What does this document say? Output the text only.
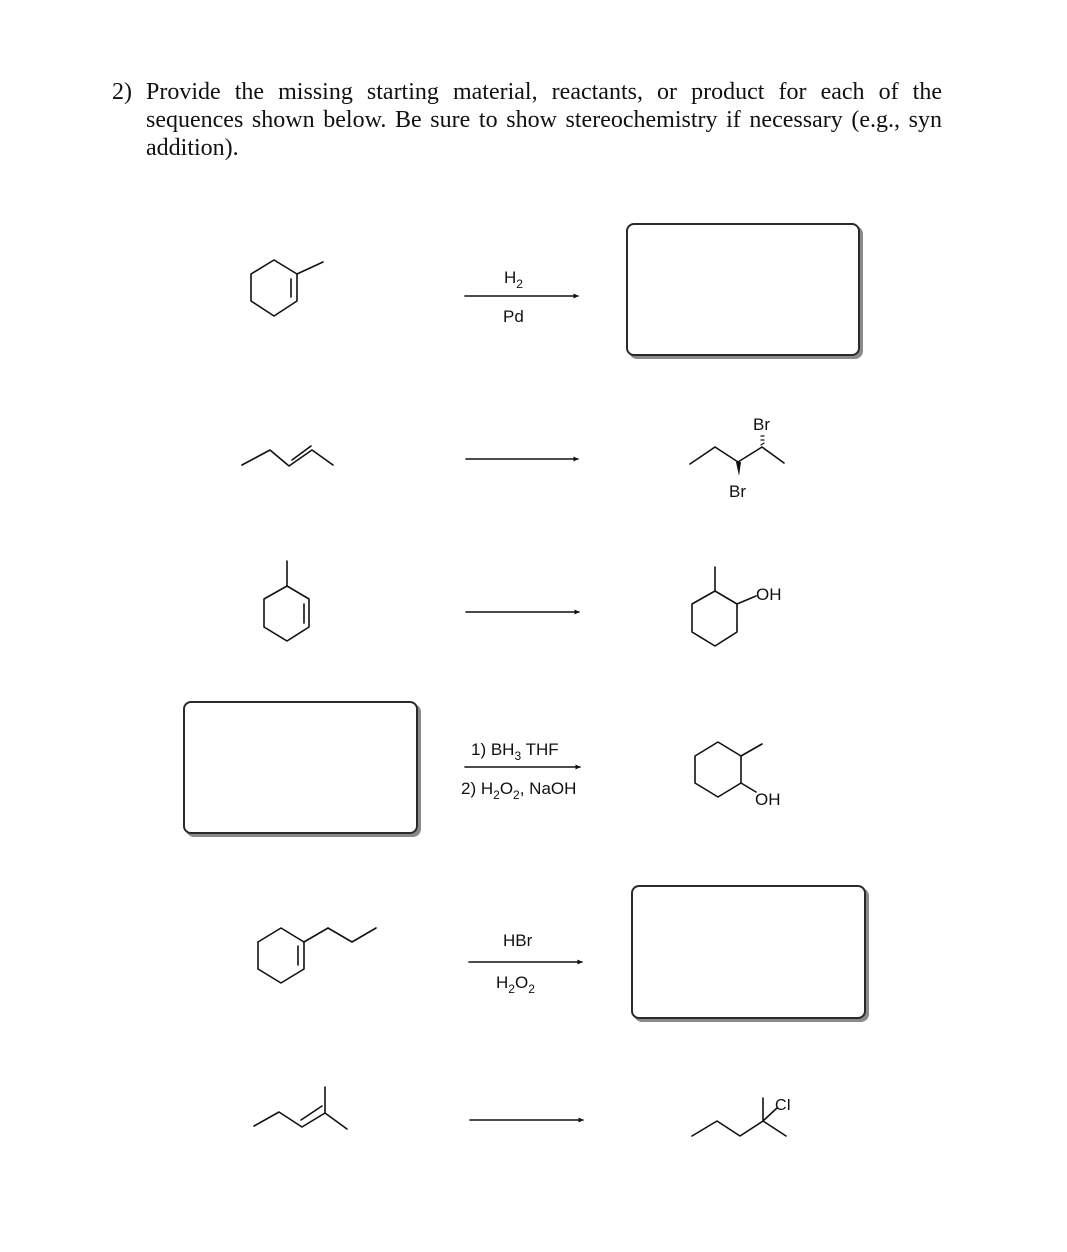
2) Provide the missing starting material, reactants, or product for each of the sequences shown below. Be sure to show stereochemistry if necessary (e.g., syn addition).
$H_2$
Pd
Br
Br
OH
1) $BH_3$ THF
2) $H_2O_2$, NaOH
OH
HBr
$H_2O_2$
CI
